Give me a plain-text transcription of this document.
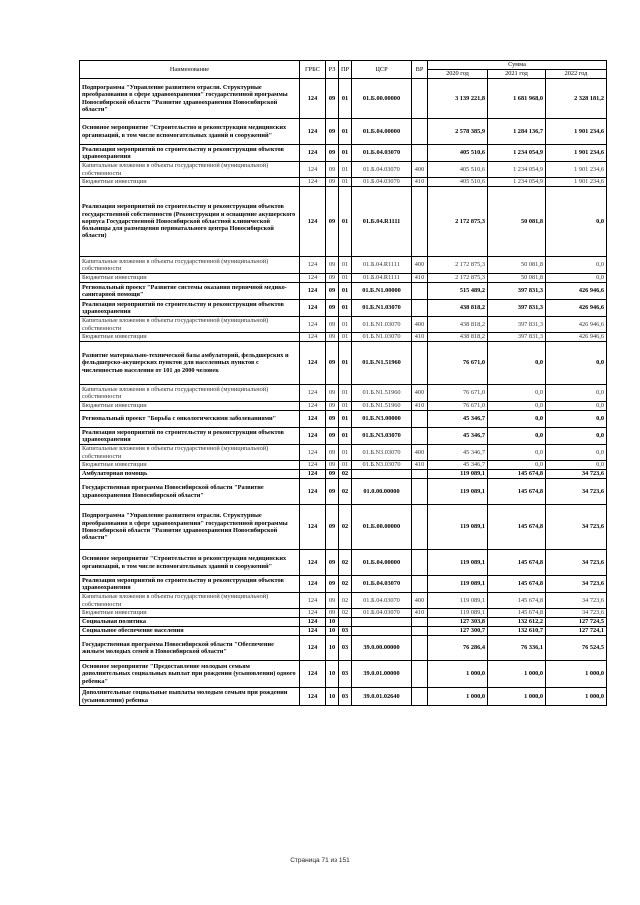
Наименование	ГРБС	РЗ	ПР	ЦСР	ВР	Сумма		
						2020 год	2021 год	2022 год
Подпрограмма "Управление развитием отрасли. Структурные преобразования в сфере здравоохранения" государственной программы Новосибирской области "Развитие здравоохранения Новосибирской области"	124	09	01	01.Б.00.00000		3 139 221,8	1 681 968,0	2 328 181,2
Основное мероприятие "Строительство и реконструкция медицинских организаций, в том числе вспомогательных зданий и сооружений"	124	09	01	01.Б.04.00000		2 578 385,9	1 284 136,7	1 901 234,6
Реализация мероприятий по строительству и реконструкции объектов здравоохранения	124	09	01	01.Б.04.03070		405 510,6	1 234 054,9	1 901 234,6
Капитальные вложения в объекты государственной (муниципальной) собственности	124	09	01	01.Б.04.03070	400	405 510,6	1 234 054,9	1 901 234,6
Бюджетные инвестиции	124	09	01	01.Б.04.03070	410	405 510,6	1 234 054,9	1 901 234,6
Реализация мероприятий по строительству и реконструкции объектов государственной собственности (Реконструкция и оснащение акушерского корпуса Государственной Новосибирской областной клинической больницы для размещения перинатального центра Новосибирской области)	124	09	01	01.Б.04.R1111		2 172 875,3	50 081,8	0,0
Капитальные вложения в объекты государственной (муниципальной) собственности	124	09	01	01.Б.04.R1111	400	2 172 875,3	50 081,8	0,0
Бюджетные инвестиции	124	09	01	01.Б.04.R1111	410	2 172 875,3	50 081,8	0,0
Региональный проект "Развитие системы оказания первичной медико-санитарной помощи"	124	09	01	01.Б.N1.00000		515 489,2	397 831,3	426 946,6
Реализация мероприятий по строительству и реконструкции объектов здравоохранения	124	09	01	01.Б.N1.03070		438 818,2	397 831,3	426 946,6
Капитальные вложения в объекты государственной (муниципальной) собственности	124	09	01	01.Б.N1.03070	400	438 818,2	397 831,3	426 946,6
Бюджетные инвестиции	124	09	01	01.Б.N1.03070	410	438 818,2	397 831,3	426 946,6
Развитие материально-технической базы амбулаторий, фельдшерских и фельдшерско-акушерских пунктов для населенных пунктов с численностью населения от 101 до 2000 человек	124	09	01	01.Б.N1.51960		76 671,0	0,0	0,0
Капитальные вложения в объекты государственной (муниципальной) собственности	124	09	01	01.Б.N1.51960	400	76 671,0	0,0	0,0
Бюджетные инвестиции	124	09	01	01.Б.N1.51960	410	76 671,0	0,0	0,0
Региональный проект "Борьба с онкологическими заболеваниями"	124	09	01	01.Б.N3.00000		45 346,7	0,0	0,0
Реализация мероприятий по строительству и реконструкции объектов здравоохранения	124	09	01	01.Б.N3.03070		45 346,7	0,0	0,0
Капитальные вложения в объекты государственной (муниципальной) собственности	124	09	01	01.Б.N3.03070	400	45 346,7	0,0	0,0
Бюджетные инвестиции	124	09	01	01.Б.N3.03070	410	45 346,7	0,0	0,0
Амбулаторная помощь	124	09	02			119 089,1	145 674,8	34 723,6
Государственная программа Новосибирской области "Развитие здравоохранения Новосибирской области"	124	09	02	01.0.00.00000		119 089,1	145 674,8	34 723,6
Подпрограмма "Управление развитием отрасли. Структурные преобразования в сфере здравоохранения" государственной программы Новосибирской области "Развитие здравоохранения Новосибирской области"	124	09	02	01.Б.00.00000		119 089,1	145 674,8	34 723,6
Основное мероприятие "Строительство и реконструкция медицинских организаций, в том числе вспомогательных зданий и сооружений"	124	09	02	01.Б.04.00000		119 089,1	145 674,8	34 723,6
Реализация мероприятий по строительству и реконструкции объектов здравоохранения	124	09	02	01.Б.04.03070		119 089,1	145 674,8	34 723,6
Капитальные вложения в объекты государственной (муниципальной) собственности	124	09	02	01.Б.04.03070	400	119 089,1	145 674,8	34 723,6
Бюджетные инвестиции	124	09	02	01.Б.04.03070	410	119 089,1	145 674,8	34 723,6
Социальная политика	124	10				127 303,8	132 612,2	127 724,5
Социальное обеспечение населения	124	10	03			127 300,7	132 610,7	127 724,1
Государственная программа Новосибирской области "Обеспечение жильем молодых семей в Новосибирской области"	124	10	03	39.0.00.00000		76 286,4	76 336,1	76 524,5
Основное мероприятие "Предоставление молодым семьям дополнительных социальных выплат при рождении (усыновлении) одного ребенка"	124	10	03	39.0.01.00000		1 000,0	1 000,0	1 000,0
Дополнительные социальные выплаты молодым семьям при рождении (усыновлении) ребенка	124	10	03	39.0.01.02640		1 000,0	1 000,0	1 000,0
Страница 71 из 151
